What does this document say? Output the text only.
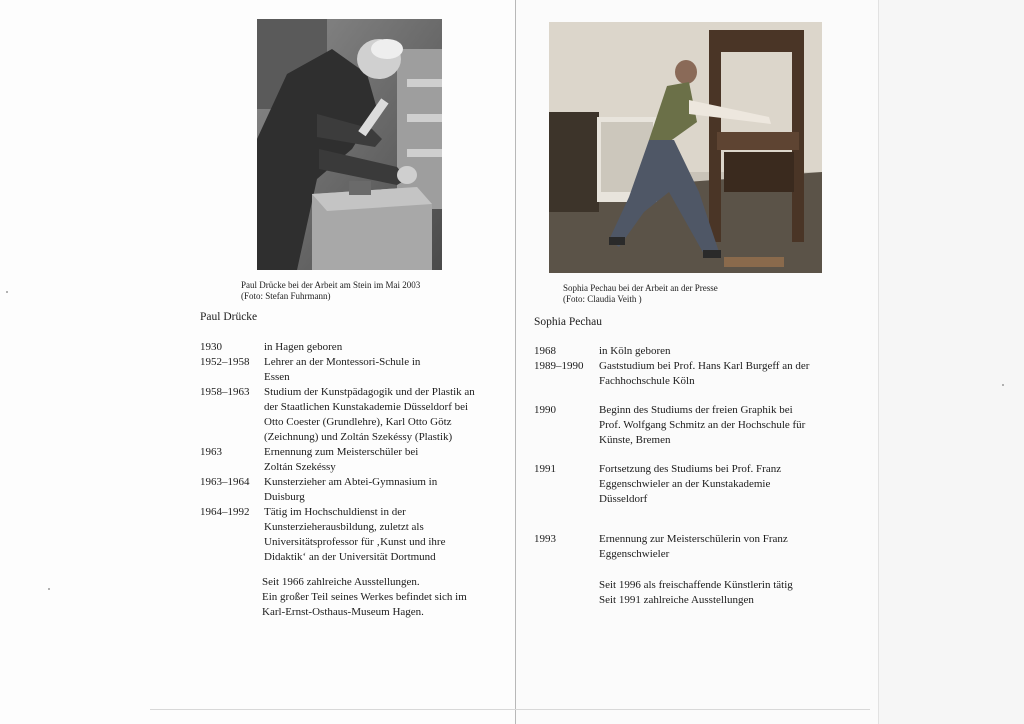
Paul Drücke bei der Arbeit am Stein im Mai 2003
(Foto: Stefan Fuhrmann)
Paul Drücke
1930	in Hagen geboren
1952–1958	Lehrer an der Montessori-Schule in
Essen
1958–1963	Studium der Kunstpädagogik und der Plastik an
der Staatlichen Kunstakademie Düsseldorf bei
Otto Coester (Grundlehre), Karl Otto Götz
(Zeichnung) und Zoltán Szekéssy (Plastik)
1963	Ernennung zum Meisterschüler bei
Zoltán Szekéssy
1963–1964	Kunsterzieher am Abtei-Gymnasium in
Duisburg
1964–1992	Tätig im Hochschuldienst in der
Kunsterzieherausbildung, zuletzt als
Universitätsprofessor für ‚Kunst und ihre
Didaktik‘ an der Universität Dortmund
Seit 1966 zahlreiche Ausstellungen.
Ein großer Teil seines Werkes befindet sich im
Karl-Ernst-Osthaus-Museum Hagen.
Sophia Pechau bei der Arbeit an der Presse
(Foto: Claudia Veith )
Sophia Pechau
1968	in Köln geboren
1989–1990	Gaststudium bei Prof. Hans Karl Burgeff an der
Fachhochschule Köln
1990	Beginn des Studiums der freien Graphik bei
Prof. Wolfgang Schmitz an der Hochschule für
Künste, Bremen
1991	Fortsetzung des Studiums bei Prof. Franz
Eggenschwieler an der Kunstakademie
Düsseldorf
1993	Ernennung zur Meisterschülerin von Franz
Eggenschwieler
Seit 1996 als freischaffende Künstlerin tätig
Seit 1991 zahlreiche Ausstellungen
